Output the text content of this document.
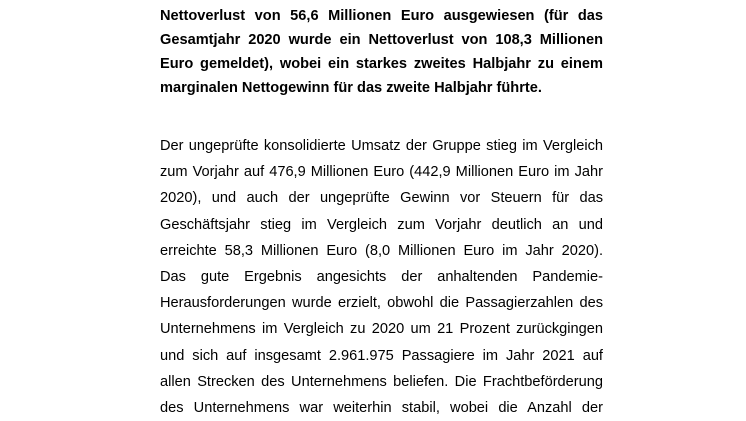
Nettoverlust von 56,6 Millionen Euro ausgewiesen (für das
Gesamtjahr 2020 wurde ein Nettoverlust von 108,3 Millionen
Euro gemeldet), wobei ein starkes zweites Halbjahr zu einem
marginalen Nettogewinn für das zweite Halbjahr führte.
Der ungeprüfte konsolidierte Umsatz der Gruppe stieg im Vergleich
zum Vorjahr auf 476,9 Millionen Euro (442,9 Millionen Euro im Jahr
2020), und auch der ungeprüfte Gewinn vor Steuern für das
Geschäftsjahr stieg im Vergleich zum Vorjahr deutlich an und
erreichte 58,3 Millionen Euro (8,0 Millionen Euro im Jahr 2020).
Das gute Ergebnis angesichts der anhaltenden Pandemie-
Herausforderungen wurde erzielt, obwohl die Passagierzahlen des
Unternehmens im Vergleich zu 2020 um 21 Prozent zurückgingen
und sich auf insgesamt 2.961.975 Passagiere im Jahr 2021 auf
allen Strecken des Unternehmens beliefen. Die Frachtbeförderung
des Unternehmens war weiterhin stabil, wobei die Anzahl der
